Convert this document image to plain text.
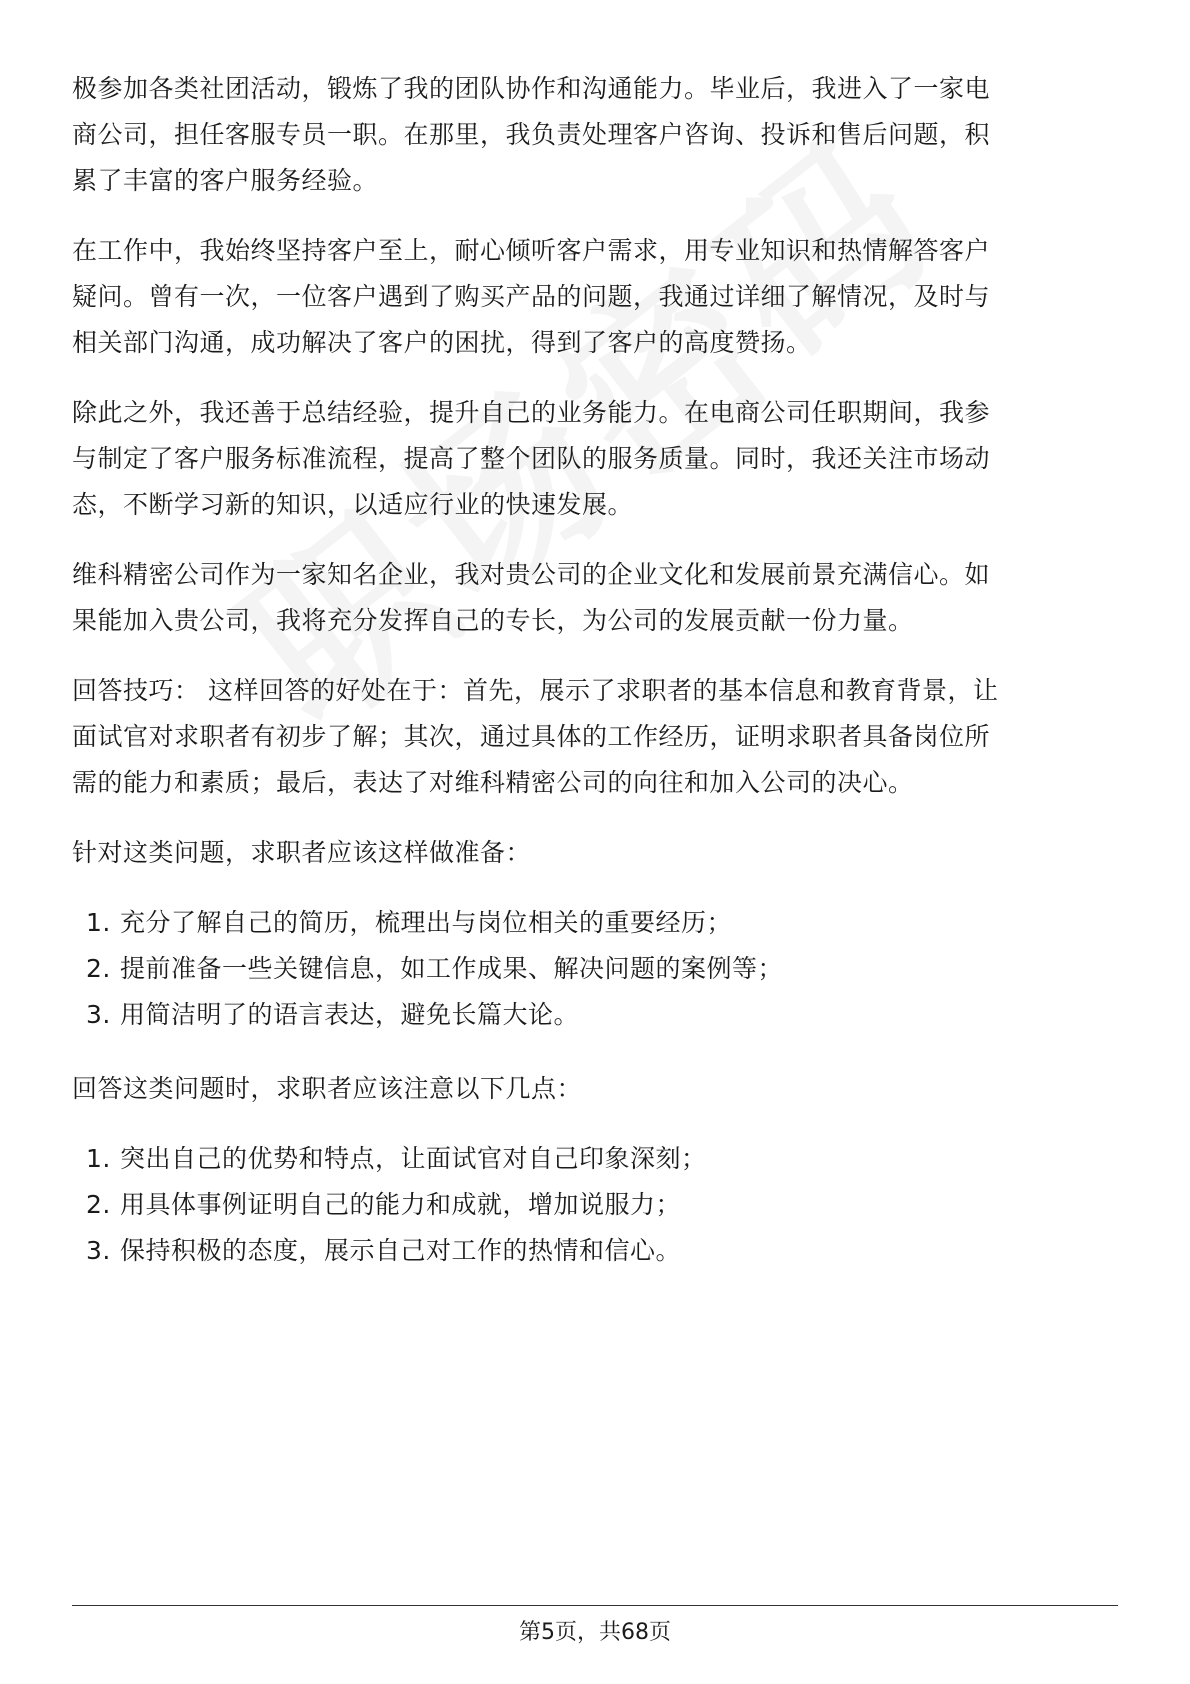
极参加各类社团活动，锻炼了我的团队协作和沟通能力。毕业后，我进入了一家电
商公司，担任客服专员一职。在那里，我负责处理客户咨询、投诉和售后问题，积
累了丰富的客户服务经验。

在工作中，我始终坚持客户至上，耐心倾听客户需求，用专业知识和热情解答客户
疑问。曾有一次，一位客户遇到了购买产品的问题，我通过详细了解情况，及时与
相关部门沟通，成功解决了客户的困扰，得到了客户的高度赞扬。

除此之外，我还善于总结经验，提升自己的业务能力。在电商公司任职期间，我参
与制定了客户服务标准流程，提高了整个团队的服务质量。同时，我还关注市场动
态，不断学习新的知识，以适应行业的快速发展。

维科精密公司作为一家知名企业，我对贵公司的企业文化和发展前景充满信心。如
果能加入贵公司，我将充分发挥自己的专长，为公司的发展贡献一份力量。

回答技巧： 这样回答的好处在于：首先，展示了求职者的基本信息和教育背景，让
面试官对求职者有初步了解；其次，通过具体的工作经历，证明求职者具备岗位所
需的能力和素质；最后，表达了对维科精密公司的向往和加入公司的决心。

针对这类问题，求职者应该这样做准备：

1. 充分了解自己的简历，梳理出与岗位相关的重要经历；
2. 提前准备一些关键信息，如工作成果、解决问题的案例等；
3. 用简洁明了的语言表达，避免长篇大论。

回答这类问题时，求职者应该注意以下几点：

1. 突出自己的优势和特点，让面试官对自己印象深刻；
2. 用具体事例证明自己的能力和成就，增加说服力；
3. 保持积极的态度，展示自己对工作的热情和信心。
第5页，共68页
